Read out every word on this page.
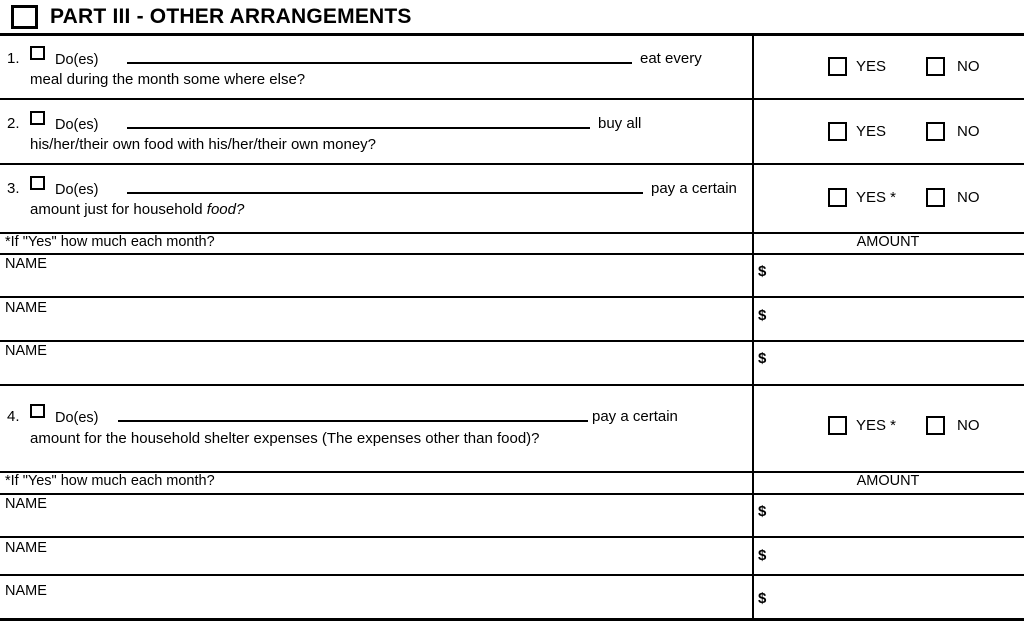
PART III - OTHER ARRANGEMENTS
1. Do(es)	eat every
meal during the month some where else?
YES	NO
2. Do(es)	buy all
his/her/their own food with his/her/their own money?
YES	NO
3. Do(es)	pay a certain
amount just for household food?
YES *	NO
*If "Yes" how much each month?	AMOUNT
NAME	$
NAME	$
NAME	$
4. Do(es)	pay a certain
amount for the household shelter expenses (The expenses other than food)?
YES *	NO
*If "Yes" how much each month?	AMOUNT
NAME	$
NAME	$
NAME	$
